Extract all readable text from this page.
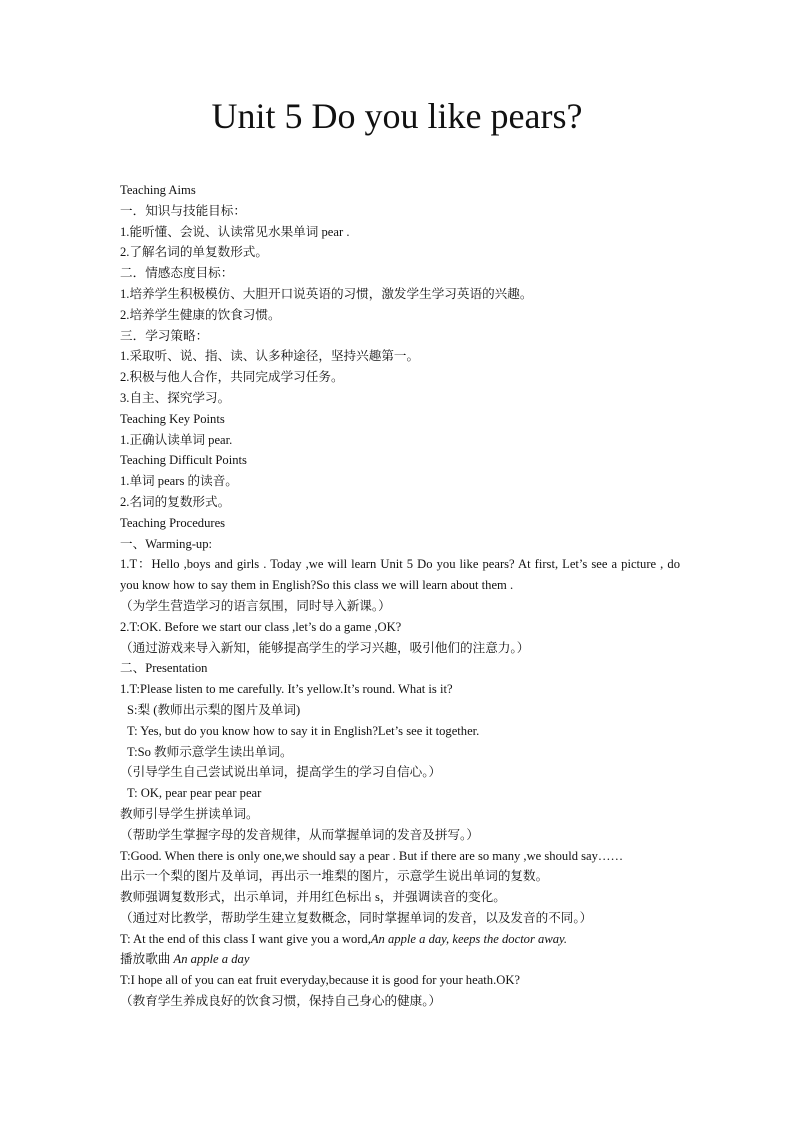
Unit 5 Do you like pears?
Teaching Aims
一．知识与技能目标：
1.能听懂、会说、认读常见水果单词 pear .
2.了解名词的单复数形式。
二．情感态度目标：
1.培养学生积极模仿、大胆开口说英语的习惯，激发学生学习英语的兴趣。
2.培养学生健康的饮食习惯。
三．学习策略：
1.采取听、说、指、读、认多种途径，坚持兴趣第一。
2.积极与他人合作，共同完成学习任务。
3.自主、探究学习。
Teaching Key Points
1.正确认读单词 pear.
Teaching Difficult Points
1.单词 pears 的读音。
2.名词的复数形式。
Teaching Procedures
一、Warming-up:
1.T：Hello ,boys and girls . Today ,we will learn Unit 5 Do you like pears? At first, Let’s see a picture , do you know how to say them in English?So this class we will learn about them .
（为学生营造学习的语言氛围，同时导入新课。）
2.T:OK. Before we start our class ,let’s do a game ,OK?
（通过游戏来导入新知，能够提高学生的学习兴趣，吸引他们的注意力。）
二、Presentation
1.T:Please listen to me carefully. It’s yellow.It’s round. What is it?
S:梨 (教师出示梨的图片及单词)
T: Yes, but do you know how to say it in English?Let’s see it together.
T:So 教师示意学生读出单词。
（引导学生自己尝试说出单词，提高学生的学习自信心。）
T: OK, pear pear pear pear
教师引导学生拼读单词。
（帮助学生掌握字母的发音规律，从而掌握单词的发音及拼写。）
T:Good. When there is only one,we should say a pear . But if there are so many ,we should say……
出示一个梨的图片及单词，再出示一堆梨的图片，示意学生说出单词的复数。
教师强调复数形式，出示单词，并用红色标出 s，并强调读音的变化。
（通过对比教学，帮助学生建立复数概念，同时掌握单词的发音，以及发音的不同。）
T: At the end of this class I want give you a word,An apple a day, keeps the doctor away.
播放歌曲 An apple a day
T:I hope all of you can eat fruit everyday,because it is good for your heath.OK?
（教育学生养成良好的饮食习惯，保持自己身心的健康。）
